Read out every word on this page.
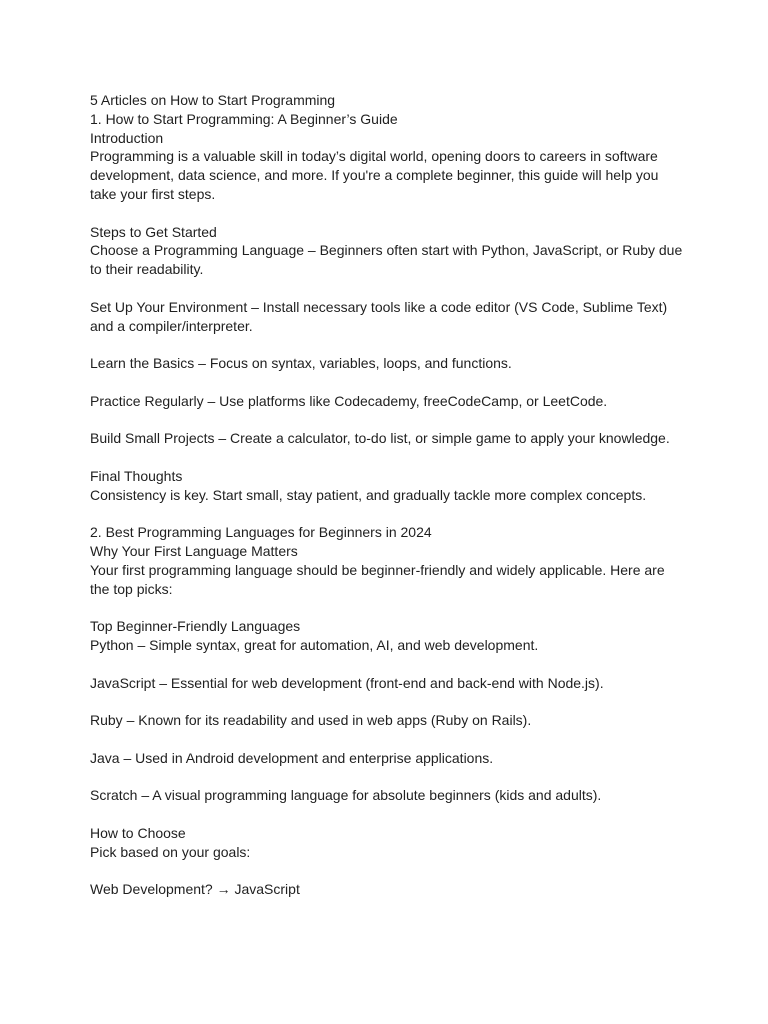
5 Articles on How to Start Programming

1. How to Start Programming: A Beginner’s Guide

Introduction

Programming is a valuable skill in today’s digital world, opening doors to careers in software development, data science, and more. If you're a complete beginner, this guide will help you take your first steps.

Steps to Get Started

Choose a Programming Language – Beginners often start with Python, JavaScript, or Ruby due to their readability.

Set Up Your Environment – Install necessary tools like a code editor (VS Code, Sublime Text) and a compiler/interpreter.

Learn the Basics – Focus on syntax, variables, loops, and functions.

Practice Regularly – Use platforms like Codecademy, freeCodeCamp, or LeetCode.

Build Small Projects – Create a calculator, to-do list, or simple game to apply your knowledge.

Final Thoughts

Consistency is key. Start small, stay patient, and gradually tackle more complex concepts.

2. Best Programming Languages for Beginners in 2024

Why Your First Language Matters

Your first programming language should be beginner-friendly and widely applicable. Here are the top picks:

Top Beginner-Friendly Languages

Python – Simple syntax, great for automation, AI, and web development.

JavaScript – Essential for web development (front-end and back-end with Node.js).

Ruby – Known for its readability and used in web apps (Ruby on Rails).

Java – Used in Android development and enterprise applications.

Scratch – A visual programming language for absolute beginners (kids and adults).

How to Choose

Pick based on your goals:

Web Development? → JavaScript
